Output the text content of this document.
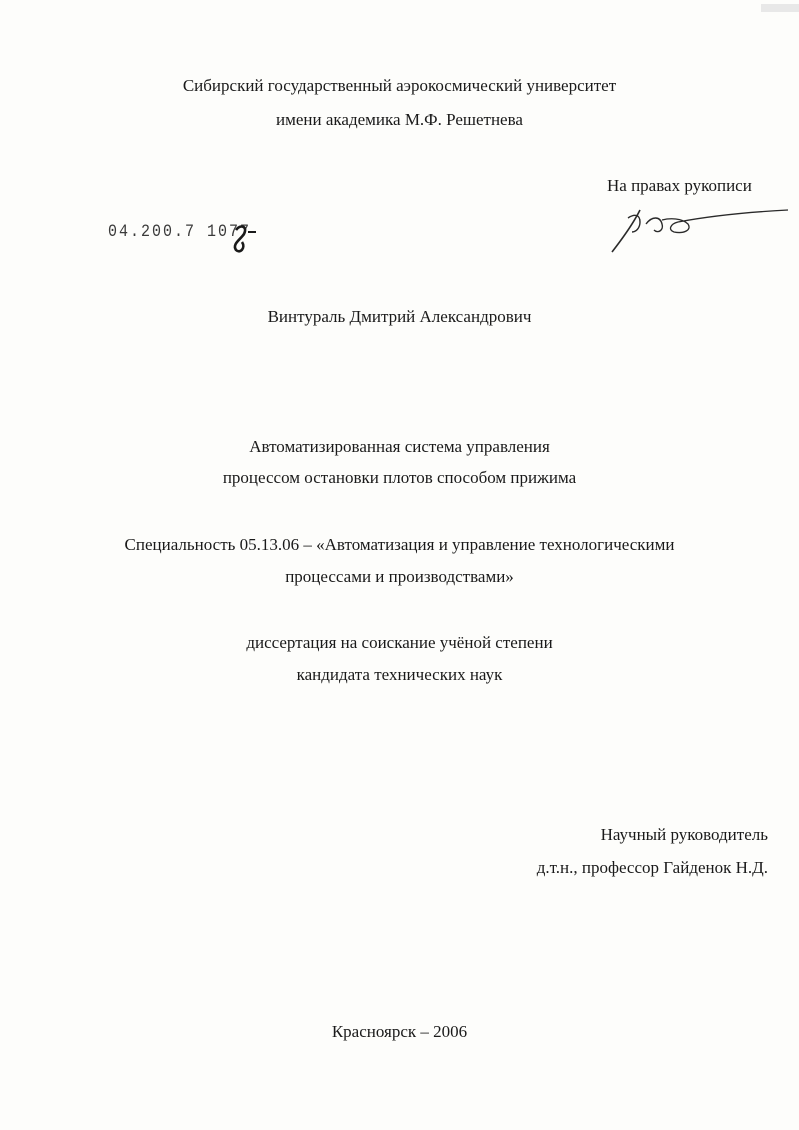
Сибирский государственный аэрокосмический университет
имени академика М.Ф. Решетнева
На правах рукописи
04.200.7 1077
Винтураль Дмитрий Александрович
Автоматизированная система управления
процессом остановки плотов способом прижима
Специальность 05.13.06 – «Автоматизация и управление технологическими
процессами и производствами»
диссертация на соискание учёной степени
кандидата технических наук
Научный руководитель
д.т.н., профессор Гайденок Н.Д.
Красноярск – 2006
